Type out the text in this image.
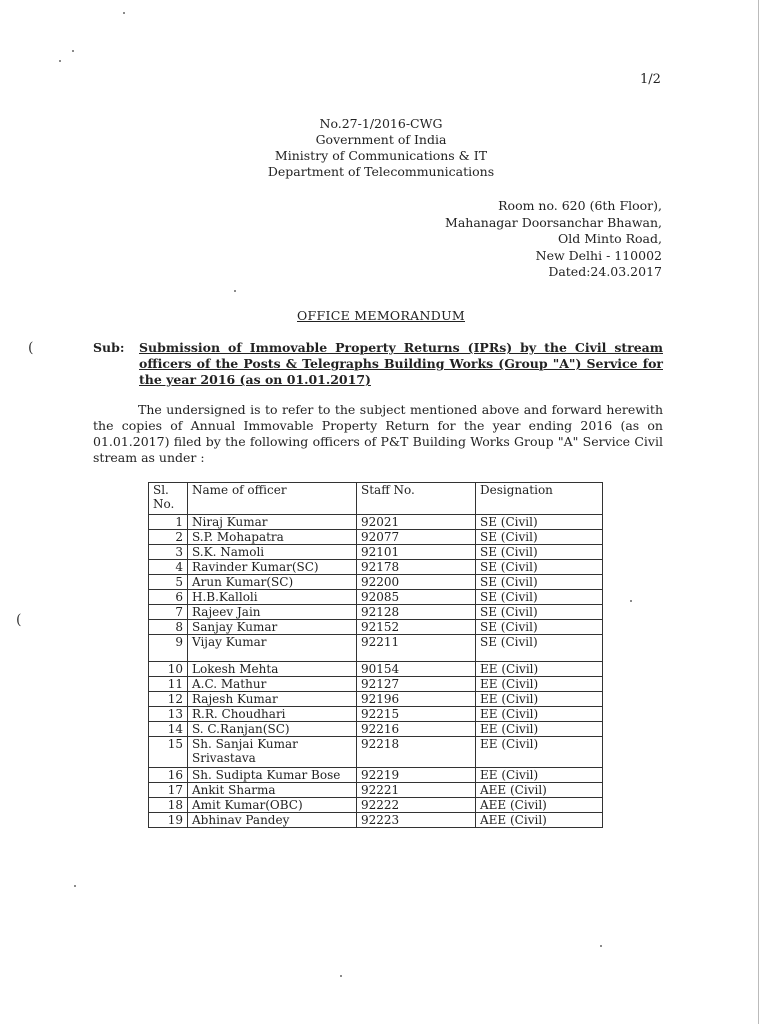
1/2
No.27-1/2016-CWG
Government of India
Ministry of Communications & IT
Department of Telecommunications
Room no. 620 (6th Floor),
Mahanagar Doorsanchar Bhawan,
Old Minto Road,
New Delhi - 110002
Dated:24.03.2017
OFFICE MEMORANDUM
Sub: Submission of Immovable Property Returns (IPRs) by the Civil stream officers of the Posts & Telegraphs Building Works (Group "A") Service for the year 2016 (as on 01.01.2017)
The undersigned is to refer to the subject mentioned above and forward herewith the copies of Annual Immovable Property Return for the year ending 2016 (as on 01.01.2017) filed by the following officers of P&T Building Works Group "A" Service Civil stream as under :
Sl. No.	Name of officer	Staff No.	Designation
1	Niraj Kumar	92021	SE (Civil)
2	S.P. Mohapatra	92077	SE (Civil)
3	S.K. Namoli	92101	SE (Civil)
4	Ravinder Kumar(SC)	92178	SE (Civil)
5	Arun Kumar(SC)	92200	SE (Civil)
6	H.B.Kalloli	92085	SE (Civil)
7	Rajeev Jain	92128	SE (Civil)
8	Sanjay Kumar	92152	SE (Civil)
9	Vijay Kumar	92211	SE (Civil)
10	Lokesh Mehta	90154	EE (Civil)
11	A.C. Mathur	92127	EE (Civil)
12	Rajesh Kumar	92196	EE (Civil)
13	R.R. Choudhari	92215	EE (Civil)
14	S. C.Ranjan(SC)	92216	EE (Civil)
15	Sh. Sanjai Kumar Srivastava	92218	EE (Civil)
16	Sh. Sudipta Kumar Bose	92219	EE (Civil)
17	Ankit Sharma	92221	AEE (Civil)
18	Amit Kumar(OBC)	92222	AEE (Civil)
19	Abhinav Pandey	92223	AEE (Civil)
(
(
